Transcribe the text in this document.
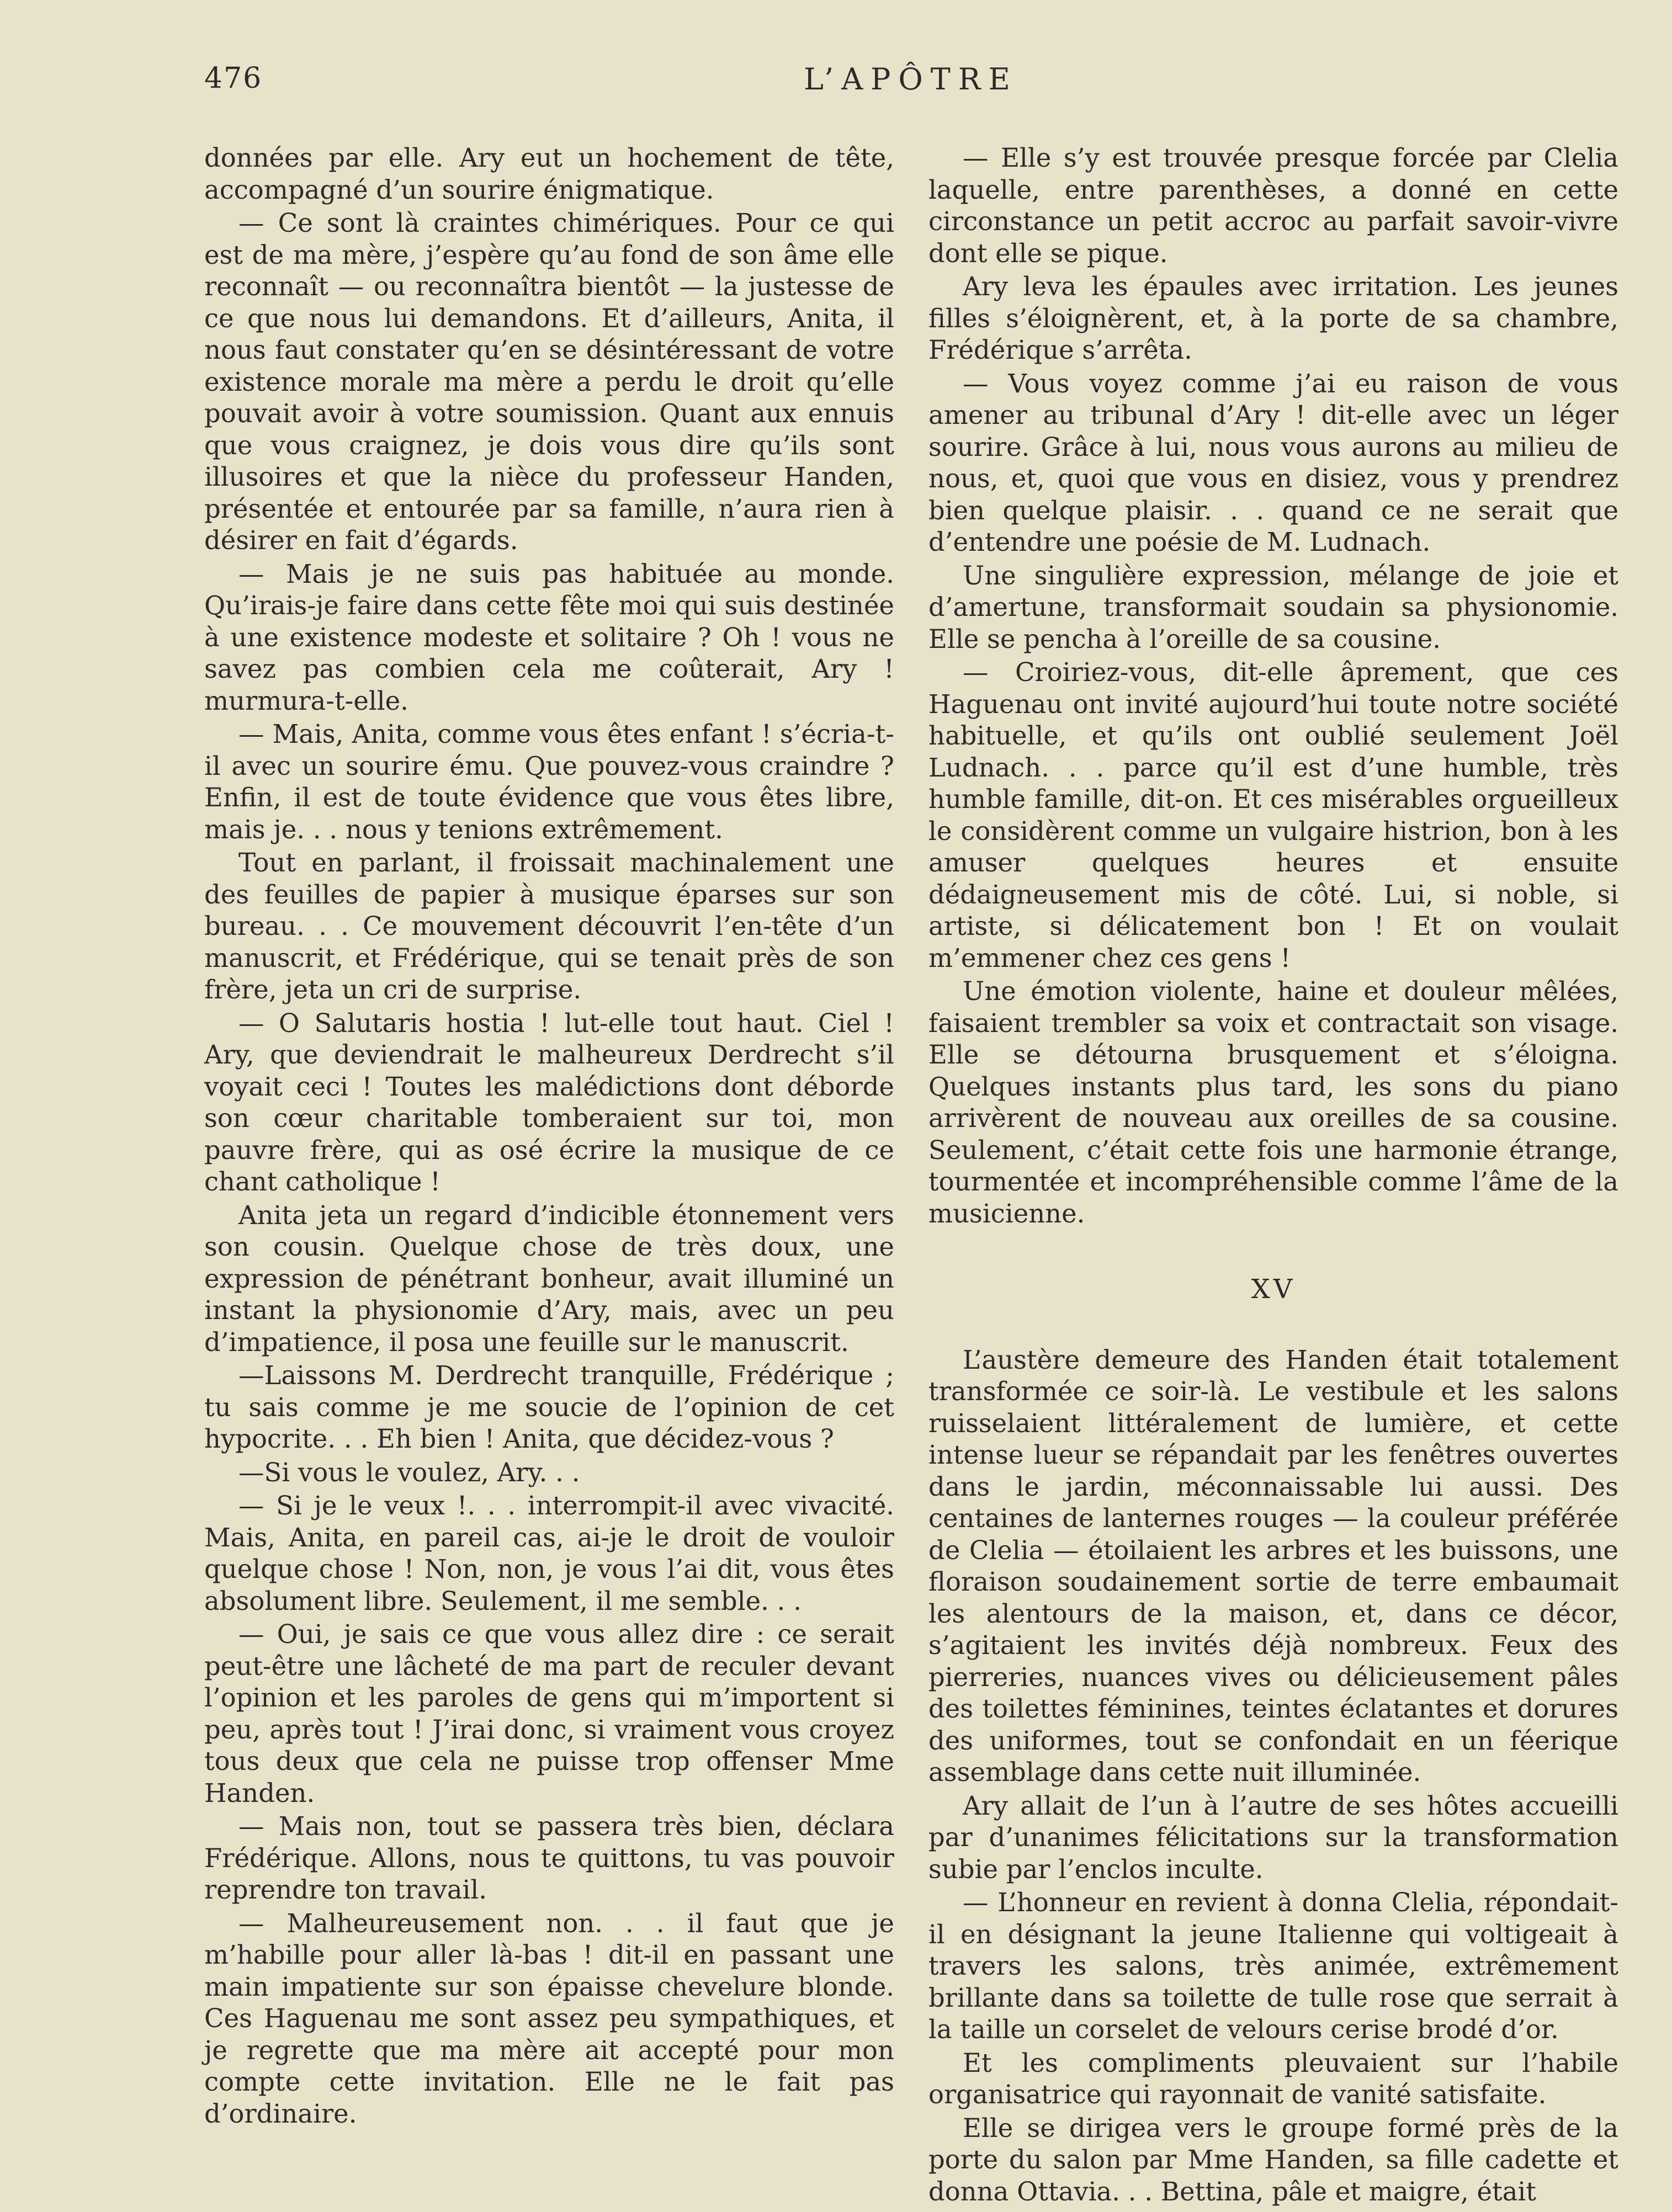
476	L’APÔTRE

données par elle. Ary eut un hochement de tête, accompagné d’un sourire énigmatique.

— Ce sont là craintes chimériques. Pour ce qui est de ma mère, j’espère qu’au fond de son âme elle reconnaît — ou reconnaîtra bientôt — la justesse de ce que nous lui demandons. Et d’ailleurs, Anita, il nous faut constater qu’en se désintéressant de votre existence morale ma mère a perdu le droit qu’elle pouvait avoir à votre soumission. Quant aux ennuis que vous craignez, je dois vous dire qu’ils sont illusoires et que la nièce du professeur Handen, présentée et entourée par sa famille, n’aura rien à désirer en fait d’égards.

— Mais je ne suis pas habituée au monde. Qu’irais-je faire dans cette fête moi qui suis destinée à une existence modeste et solitaire ? Oh ! vous ne savez pas combien cela me coûterait, Ary ! murmura-t-elle.

— Mais, Anita, comme vous êtes enfant ! s’écria-t-il avec un sourire ému. Que pouvez-vous craindre ? Enfin, il est de toute évidence que vous êtes libre, mais je. . . nous y tenions extrêmement.

Tout en parlant, il froissait machinalement une des feuilles de papier à musique éparses sur son bureau. . . Ce mouvement découvrit l’en-tête d’un manuscrit, et Frédérique, qui se tenait près de son frère, jeta un cri de surprise.

— O Salutaris hostia ! lut-elle tout haut. Ciel ! Ary, que deviendrait le malheureux Derdrecht s’il voyait ceci ! Toutes les malédictions dont déborde son cœur charitable tomberaient sur toi, mon pauvre frère, qui as osé écrire la musique de ce chant catholique !

Anita jeta un regard d’indicible étonnement vers son cousin. Quelque chose de très doux, une expression de pénétrant bonheur, avait illuminé un instant la physionomie d’Ary, mais, avec un peu d’impatience, il posa une feuille sur le manuscrit.

—Laissons M. Derdrecht tranquille, Frédérique ; tu sais comme je me soucie de l’opinion de cet hypocrite. . . Eh bien ! Anita, que décidez-vous ?

—Si vous le voulez, Ary. . .

— Si je le veux !. . . interrompit-il avec vivacité. Mais, Anita, en pareil cas, ai-je le droit de vouloir quelque chose ! Non, non, je vous l’ai dit, vous êtes absolument libre. Seulement, il me semble. . .

— Oui, je sais ce que vous allez dire : ce serait peut-être une lâcheté de ma part de reculer devant l’opinion et les paroles de gens qui m’importent si peu, après tout ! J’irai donc, si vraiment vous croyez tous deux que cela ne puisse trop offenser Mme Handen.

— Mais non, tout se passera très bien, déclara Frédérique. Allons, nous te quittons, tu vas pouvoir reprendre ton travail.

— Malheureusement non. . . il faut que je m’habille pour aller là-bas ! dit-il en passant une main impatiente sur son épaisse chevelure blonde. Ces Haguenau me sont assez peu sympathiques, et je regrette que ma mère ait accepté pour mon compte cette invitation. Elle ne le fait pas d’ordinaire.

— Elle s’y est trouvée presque forcée par Clelia laquelle, entre parenthèses, a donné en cette circonstance un petit accroc au parfait savoir-vivre dont elle se pique.

Ary leva les épaules avec irritation. Les jeunes filles s’éloignèrent, et, à la porte de sa chambre, Frédérique s’arrêta.

— Vous voyez comme j’ai eu raison de vous amener au tribunal d’Ary ! dit-elle avec un léger sourire. Grâce à lui, nous vous aurons au milieu de nous, et, quoi que vous en disiez, vous y prendrez bien quelque plaisir. . . quand ce ne serait que d’entendre une poésie de M. Ludnach.

Une singulière expression, mélange de joie et d’amertune, transformait soudain sa physionomie. Elle se pencha à l’oreille de sa cousine.

— Croiriez-vous, dit-elle âprement, que ces Haguenau ont invité aujourd’hui toute notre société habituelle, et qu’ils ont oublié seulement Joël Ludnach. . . parce qu’il est d’une humble, très humble famille, dit-on. Et ces misérables orgueilleux le considèrent comme un vulgaire histrion, bon à les amuser quelques heures et ensuite dédaigneusement mis de côté. Lui, si noble, si artiste, si délicatement bon ! Et on voulait m’emmener chez ces gens !

Une émotion violente, haine et douleur mêlées, faisaient trembler sa voix et contractait son visage. Elle se détourna brusquement et s’éloigna. Quelques instants plus tard, les sons du piano arrivèrent de nouveau aux oreilles de sa cousine. Seulement, c’était cette fois une harmonie étrange, tourmentée et incompréhensible comme l’âme de la musicienne.

XV

L’austère demeure des Handen était totalement transformée ce soir-là. Le vestibule et les salons ruisselaient littéralement de lumière, et cette intense lueur se répandait par les fenêtres ouvertes dans le jardin, méconnaissable lui aussi. Des centaines de lanternes rouges — la couleur préférée de Clelia — étoilaient les arbres et les buissons, une floraison soudainement sortie de terre embaumait les alentours de la maison, et, dans ce décor, s’agitaient les invités déjà nombreux. Feux des pierreries, nuances vives ou délicieusement pâles des toilettes féminines, teintes éclatantes et dorures des uniformes, tout se confondait en un féerique assemblage dans cette nuit illuminée.

Ary allait de l’un à l’autre de ses hôtes accueilli par d’unanimes félicitations sur la transformation subie par l’enclos inculte.

— L’honneur en revient à donna Clelia, répondait-il en désignant la jeune Italienne qui voltigeait à travers les salons, très animée, extrêmement brillante dans sa toilette de tulle rose que serrait à la taille un corselet de velours cerise brodé d’or.

Et les compliments pleuvaient sur l’habile organisatrice qui rayonnait de vanité satisfaite.

Elle se dirigea vers le groupe formé près de la porte du salon par Mme Handen, sa fille cadette et donna Ottavia. . . Bettina, pâle et maigre, était
